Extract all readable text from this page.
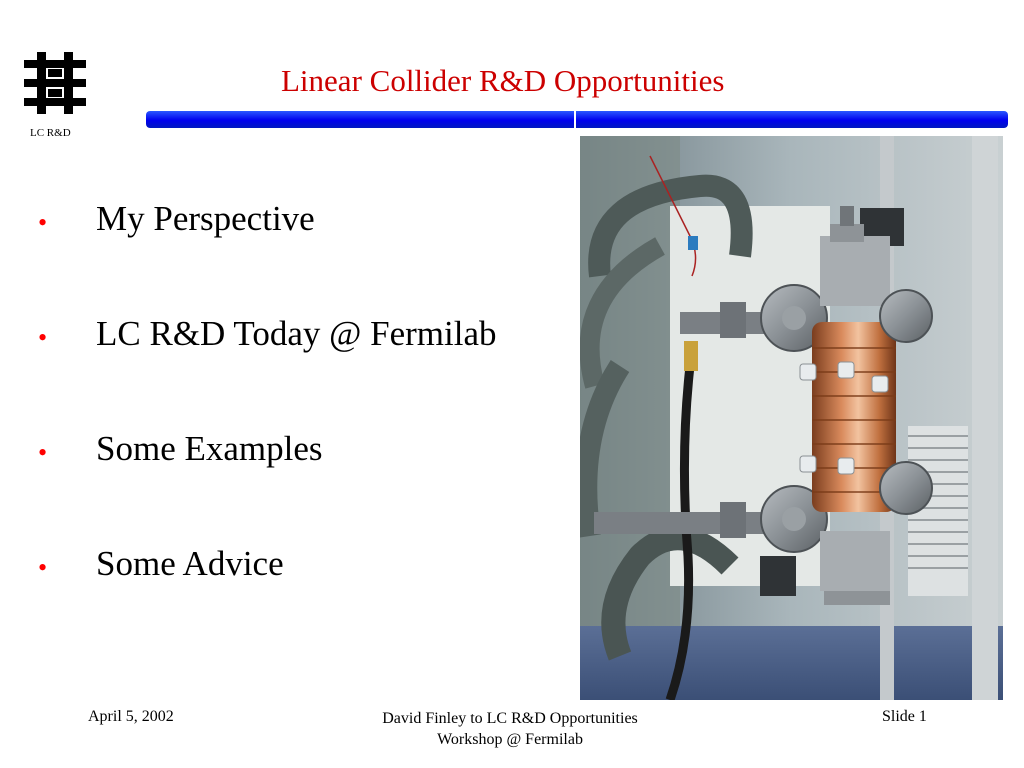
LC R&D
Linear Collider R&D Opportunities
• My Perspective
• LC R&D Today @ Fermilab
• Some Examples
• Some Advice
April 5, 2002	David Finley to LC R&D Opportunities
Workshop @ Fermilab
Slide 1
